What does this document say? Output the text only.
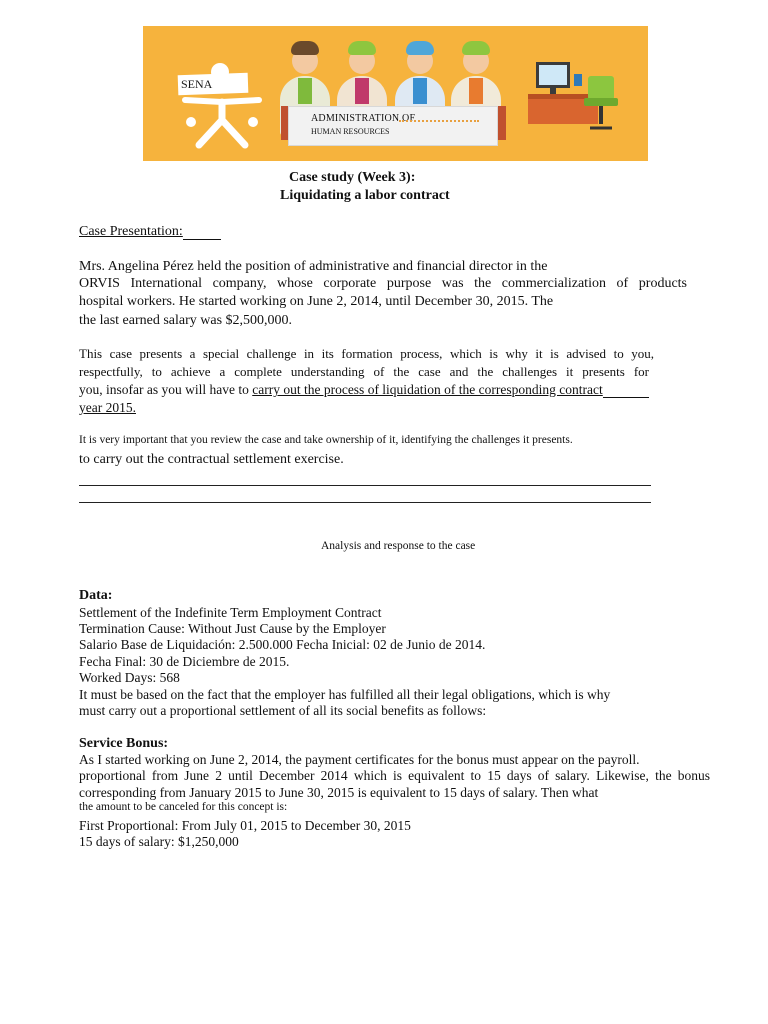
SENA
ADMINISTRATION OF
HUMAN RESOURCES
Case study (Week 3):
Liquidating a labor contract
Case Presentation:
Mrs. Angelina Pérez held the position of administrative and financial director in the
ORVIS International company, whose corporate purpose was the commercialization of products
hospital workers. He started working on June 2, 2014, until December 30, 2015. The
the last earned salary was $2,500,000.
This case presents a special challenge in its formation process, which is why it is advised to you,
respectfully, to achieve a complete understanding of the case and the challenges it presents for
you, insofar as you will have to carry out the process of liquidation of the corresponding contract
year 2015.
It is very important that you review the case and take ownership of it, identifying the challenges it presents.
to carry out the contractual settlement exercise.
Analysis and response to the case
Data:
Settlement of the Indefinite Term Employment Contract
Termination Cause: Without Just Cause by the Employer
Salario Base de Liquidación: 2.500.000 Fecha Inicial: 02 de Junio de 2014.
Fecha Final: 30 de Diciembre de 2015.
Worked Days: 568
It must be based on the fact that the employer has fulfilled all their legal obligations, which is why
must carry out a proportional settlement of all its social benefits as follows:
Service Bonus:
As I started working on June 2, 2014, the payment certificates for the bonus must appear on the payroll.
proportional from June 2 until December 2014 which is equivalent to 15 days of salary. Likewise, the bonus
corresponding from January 2015 to June 30, 2015 is equivalent to 15 days of salary. Then what
the amount to be canceled for this concept is:
First Proportional: From July 01, 2015 to December 30, 2015
15 days of salary: $1,250,000
